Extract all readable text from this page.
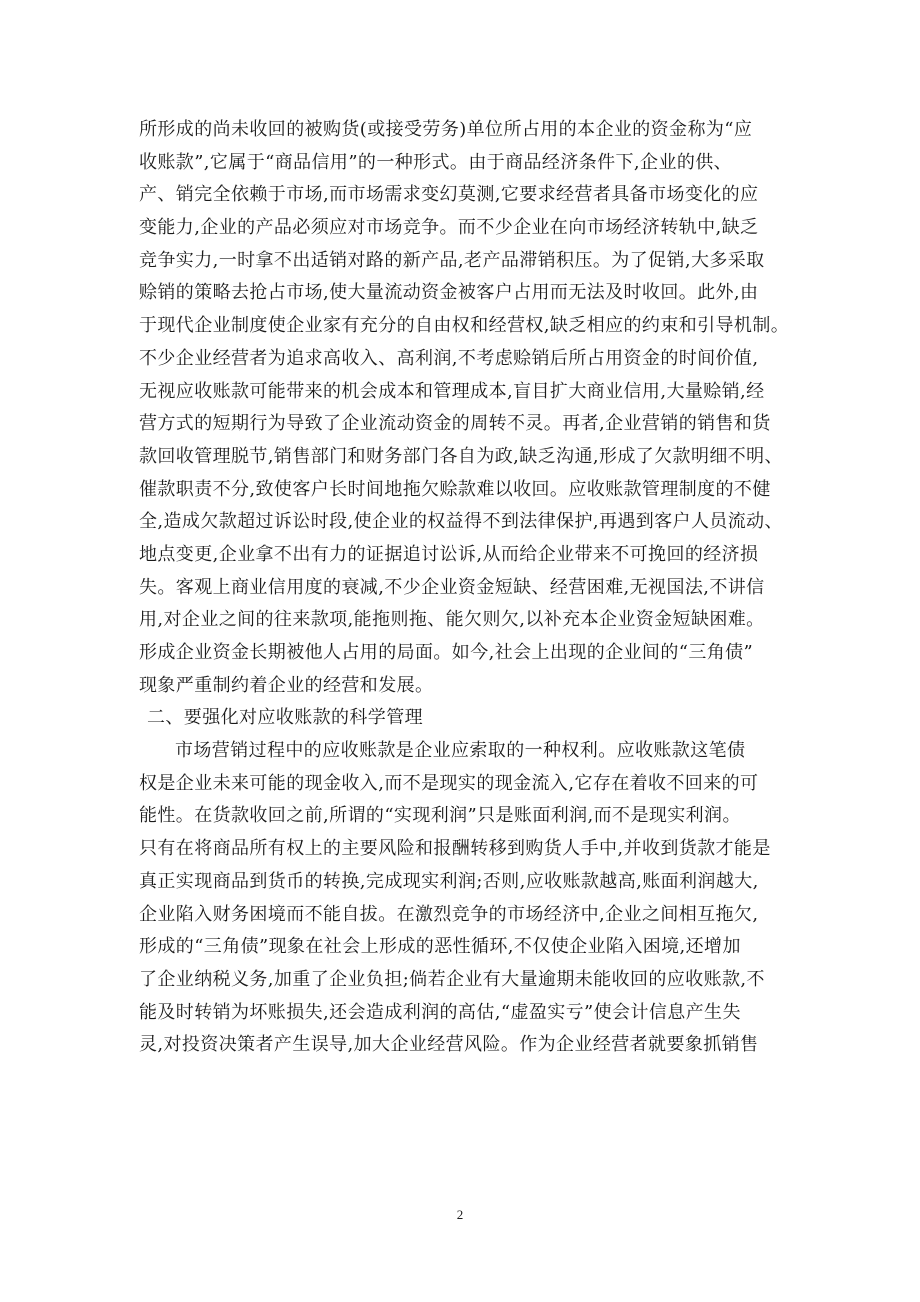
所形成的尚未收回的被购货(或接受劳务)单位所占用的本企业的资金称为“应
收账款”,它属于“商品信用”的一种形式。由于商品经济条件下,企业的供、
产、销完全依赖于市场,而市场需求变幻莫测,它要求经营者具备市场变化的应
变能力,企业的产品必须应对市场竞争。而不少企业在向市场经济转轨中,缺乏
竞争实力,一时拿不出适销对路的新产品,老产品滞销积压。为了促销,大多采取
赊销的策略去抢占市场,使大量流动资金被客户占用而无法及时收回。此外,由
于现代企业制度使企业家有充分的自由权和经营权,缺乏相应的约束和引导机制。
不少企业经营者为追求高收入、高利润,不考虑赊销后所占用资金的时间价值,
无视应收账款可能带来的机会成本和管理成本,盲目扩大商业信用,大量赊销,经
营方式的短期行为导致了企业流动资金的周转不灵。再者,企业营销的销售和货
款回收管理脱节,销售部门和财务部门各自为政,缺乏沟通,形成了欠款明细不明、
催款职责不分,致使客户长时间地拖欠赊款难以收回。应收账款管理制度的不健
全,造成欠款超过诉讼时段,使企业的权益得不到法律保护,再遇到客户人员流动、
地点变更,企业拿不出有力的证据追讨讼诉,从而给企业带来不可挽回的经济损
失。客观上商业信用度的衰减,不少企业资金短缺、经营困难,无视国法,不讲信
用,对企业之间的往来款项,能拖则拖、能欠则欠,以补充本企业资金短缺困难。
形成企业资金长期被他人占用的局面。如今,社会上出现的企业间的“三角债”
现象严重制约着企业的经营和发展。
二、要强化对应收账款的科学管理
市场营销过程中的应收账款是企业应索取的一种权利。应收账款这笔债
权是企业未来可能的现金收入,而不是现实的现金流入,它存在着收不回来的可
能性。在货款收回之前,所谓的“实现利润”只是账面利润,而不是现实利润。
只有在将商品所有权上的主要风险和报酬转移到购货人手中,并收到货款才能是
真正实现商品到货币的转换,完成现实利润;否则,应收账款越高,账面利润越大,
企业陷入财务困境而不能自拔。在激烈竞争的市场经济中,企业之间相互拖欠,
形成的“三角债”现象在社会上形成的恶性循环,不仅使企业陷入困境,还增加
了企业纳税义务,加重了企业负担;倘若企业有大量逾期未能收回的应收账款,不
能及时转销为坏账损失,还会造成利润的高估,“虚盈实亏”使会计信息产生失
灵,对投资决策者产生误导,加大企业经营风险。作为企业经营者就要象抓销售
2
